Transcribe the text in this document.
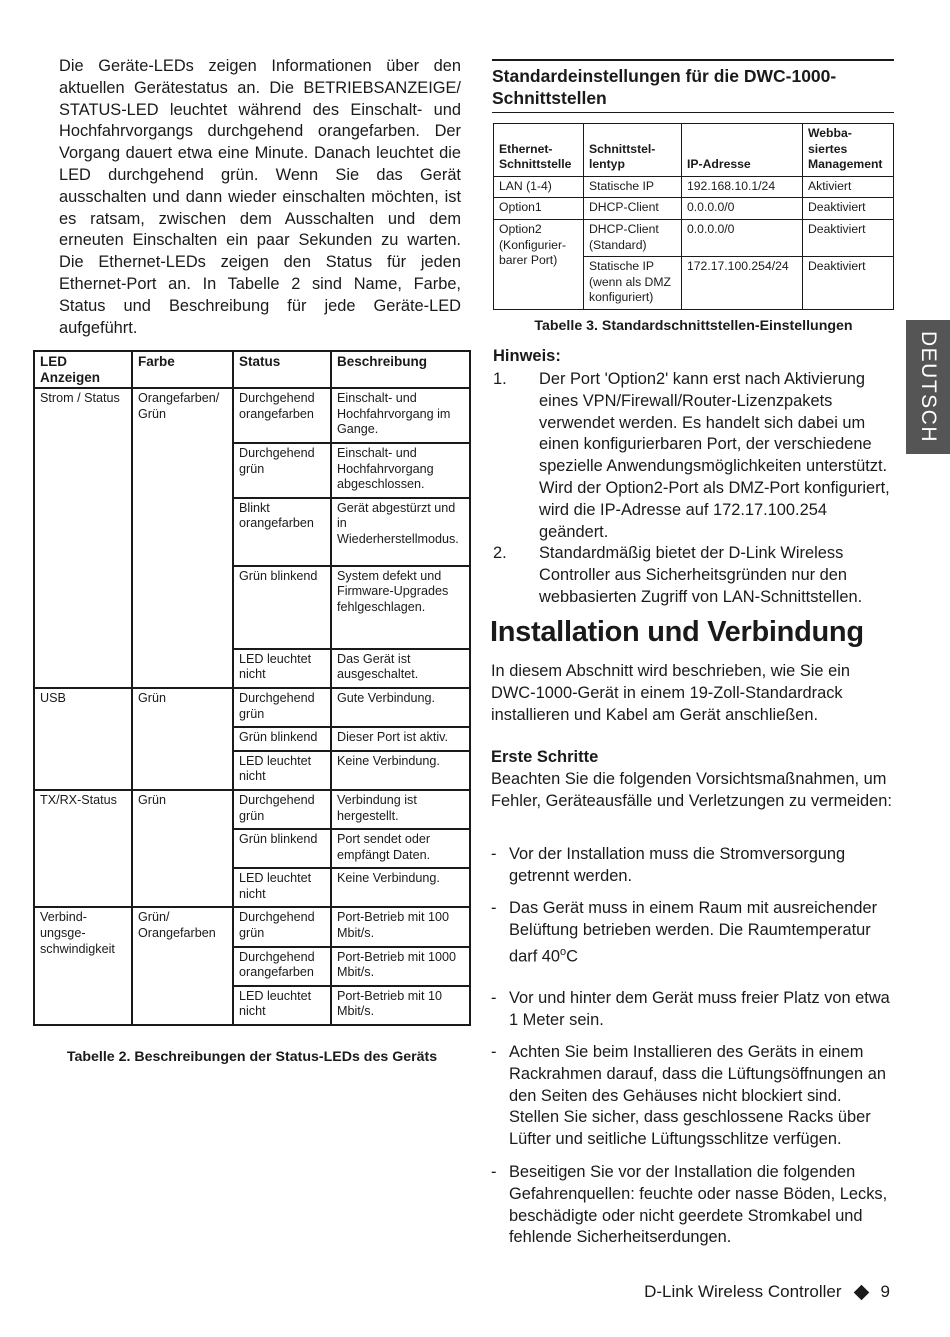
Die Geräte-LEDs zeigen Informationen über den aktuellen Gerätestatus an. Die BETRIEBSANZEIGE/ STATUS-LED leuchtet während des Einschalt- und Hochfahrvorgangs durchgehend orangefarben. Der Vorgang dauert etwa eine Minute. Danach leuchtet die LED durchgehend grün. Wenn Sie das Gerät ausschalten und dann wieder einschalten möchten, ist es ratsam, zwischen dem Ausschalten und dem erneuten Einschalten ein paar Sekunden zu warten. Die Ethernet-LEDs zeigen den Status für jeden Ethernet-Port an. In Tabelle 2 sind Name, Farbe, Status und Beschreibung für jede Geräte-LED aufgeführt.

LED Anzeigen	Farbe	Status	Beschreibung
Strom / Status	Orangefarben/ Grün	Durchgehend orangefarben	Einschalt- und Hochfahrvorgang im Gange.
		Durchgehend grün	Einschalt- und Hochfahrvorgang abgeschlossen.
		Blinkt orangefarben	Gerät abgestürzt und in Wiederherstellmodus.
		Grün blinkend	System defekt und Firmware-Upgrades fehlgeschlagen.
		LED leuchtet nicht	Das Gerät ist ausgeschaltet.
USB	Grün	Durchgehend grün	Gute Verbindung.
		Grün blinkend	Dieser Port ist aktiv.
		LED leuchtet nicht	Keine Verbindung.
TX/RX-Status	Grün	Durchgehend grün	Verbindung ist hergestellt.
		Grün blinkend	Port sendet oder empfängt Daten.
		LED leuchtet nicht	Keine Verbindung.
Verbind-ungsge-schwindigkeit	Grün/ Orangefarben	Durchgehend grün	Port-Betrieb mit 100 Mbit/s.
		Durchgehend orangefarben	Port-Betrieb mit 1000 Mbit/s.
		LED leuchtet nicht	Port-Betrieb mit 10 Mbit/s.

Tabelle 2. Beschreibungen der Status-LEDs des Geräts

Standardeinstellungen für die DWC-1000-Schnittstellen
Ethernet-Schnittstelle	Schnittstel-lentyp	IP-Adresse	Webba-siertes Management
LAN (1-4)	Statische IP	192.168.10.1/24	Aktiviert
Option1	DHCP-Client	0.0.0.0/0	Deaktiviert
Option2 (Konfigurier-barer Port)	DHCP-Client (Standard)	0.0.0.0/0	Deaktiviert
	Statische IP (wenn als DMZ konfiguriert)	172.17.100.254/24	Deaktiviert

Tabelle 3. Standardschnittstellen-Einstellungen

Hinweis:

1.	Der Port 'Option2' kann erst nach Aktivierung eines VPN/Firewall/Router-Lizenzpakets verwendet werden. Es handelt sich dabei um einen konfigurierbaren Port, der verschiedene spezielle Anwendungsmöglichkeiten unterstützt. Wird der Option2-Port als DMZ-Port konfiguriert, wird die IP-Adresse auf 172.17.100.254 geändert.
2.	Standardmäßig bietet der D-Link Wireless Controller aus Sicherheitsgründen nur den webbasierten Zugriff von LAN-Schnittstellen.
Installation und Verbindung

In diesem Abschnitt wird beschrieben, wie Sie ein DWC-1000-Gerät in einem 19-Zoll-Standardrack installieren und Kabel am Gerät anschließen.

Erste Schritte

Beachten Sie die folgenden Vorsichtsmaßnahmen, um Fehler, Geräteausfälle und Verletzungen zu vermeiden:

- Vor der Installation muss die Stromversorgung getrennt werden.
- Das Gerät muss in einem Raum mit ausreichender Belüftung betrieben werden. Die Raumtemperatur darf 40$^o$C
- Vor und hinter dem Gerät muss freier Platz von etwa 1 Meter sein.
- Achten Sie beim Installieren des Geräts in einem Rackrahmen darauf, dass die Lüftungsöffnungen an den Seiten des Gehäuses nicht blockiert sind. Stellen Sie sicher, dass geschlossene Racks über Lüfter und seitliche Lüftungsschlitze verfügen.
- Beseitigen Sie vor der Installation die folgenden Gefahrenquellen: feuchte oder nasse Böden, Lecks, beschädigte oder nicht geerdete Stromkabel und fehlende Sicherheitserdungen.
DEUTSCH
D-Link Wireless Controller 9
